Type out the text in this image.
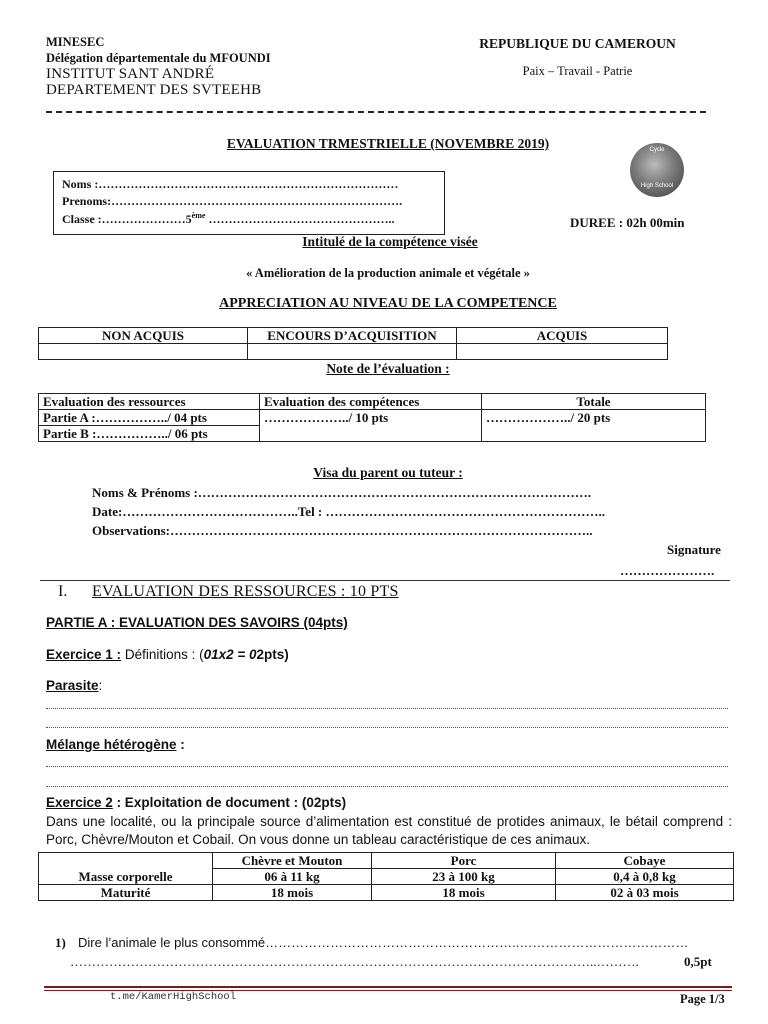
MINESEC
Délégation départementale du MFOUNDI
INSTITUT SANT ANDRÉ
DEPARTEMENT DES SVTEEHB
REPUBLIQUE DU CAMEROUN
Paix – Travail - Patrie
EVALUATION TRMESTRIELLE (NOVEMBRE 2019)	Cycle
High School
Noms :…………………………………………………………………
Prenoms:……………………………………………………………….
Classe :…………………5ème ………………………………………..	DUREE : 02h 00min
Intitulé de la compétence visée
« Amélioration de la production animale et végétale »
APPRECIATION AU NIVEAU DE LA COMPETENCE
NON ACQUIS	ENCOURS D’ACQUISITION	ACQUIS

Note de l’évaluation :
Evaluation des ressources	Evaluation des compétences	Totale
Partie A :……………../ 04 pts	………………../ 10 pts	………………../ 20 pts
Partie B :……………../ 06 pts		
Visa du parent ou tuteur :
Noms & Prénoms :……………………………………………………………………………….
Date:…………………………………..Tel : ………………………………………………………..
Observations:……………………………………………………………………………………..
Signature
………………….
I. EVALUATION DES RESSOURCES : 10 PTS
PARTIE A : EVALUATION DES SAVOIRS (04pts)
Exercice 1 : Définitions : (01x2 = 02pts)
Parasite:
Mélange hétérogène :
Exercice 2 : Exploitation de document : (02pts)
Dans une localité, ou la principale source d’alimentation est constitué de protides animaux, le bétail comprend : Porc, Chèvre/Mouton et Cobail. On vous donne un tableau caractéristique de ces animaux.
	Chèvre et Mouton	Porc	Cobaye
Masse corporelle	06 à 11 kg	23 à 100 kg	0,4 à 0,8 kg
Maturité	18 mois	18 mois	02 à 03 mois
1) Dire l’animale le plus consommé…………………………………………………..…………………………………
…………………………………………………………………………………………………………..……….	0,5pt
t.me/KamerHighSchool	Page 1/3
